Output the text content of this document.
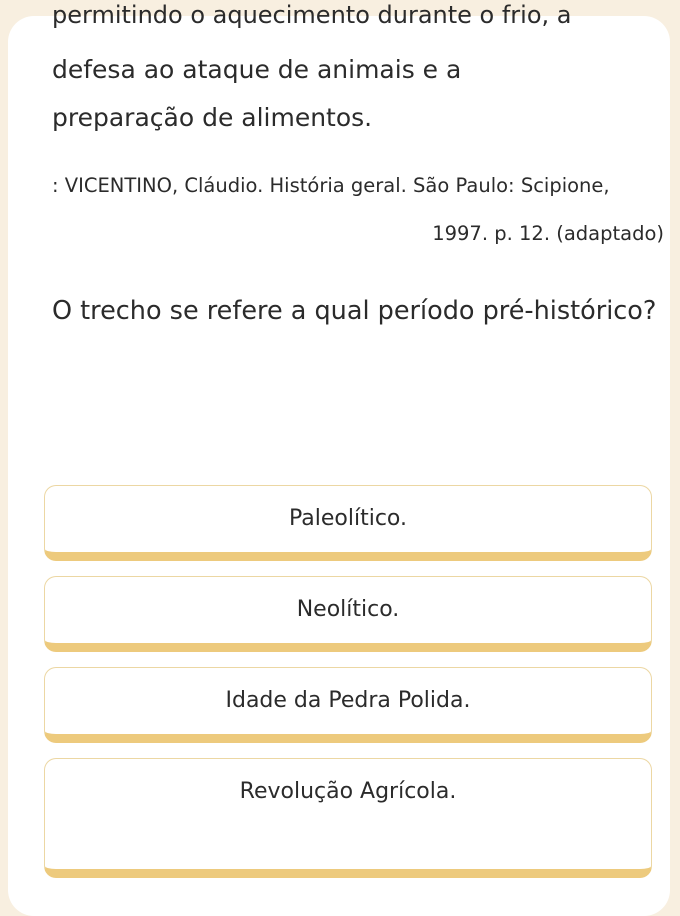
permitindo o aquecimento durante o frio, a
defesa ao ataque de animais e a
preparação de alimentos.
: VICENTINO, Cláudio. História geral. São Paulo: Scipione,
1997. p. 12. (adaptado)
O trecho se refere a qual período pré-histórico?
Paleolítico.
Neolítico.
Idade da Pedra Polida.
Revolução Agrícola.
